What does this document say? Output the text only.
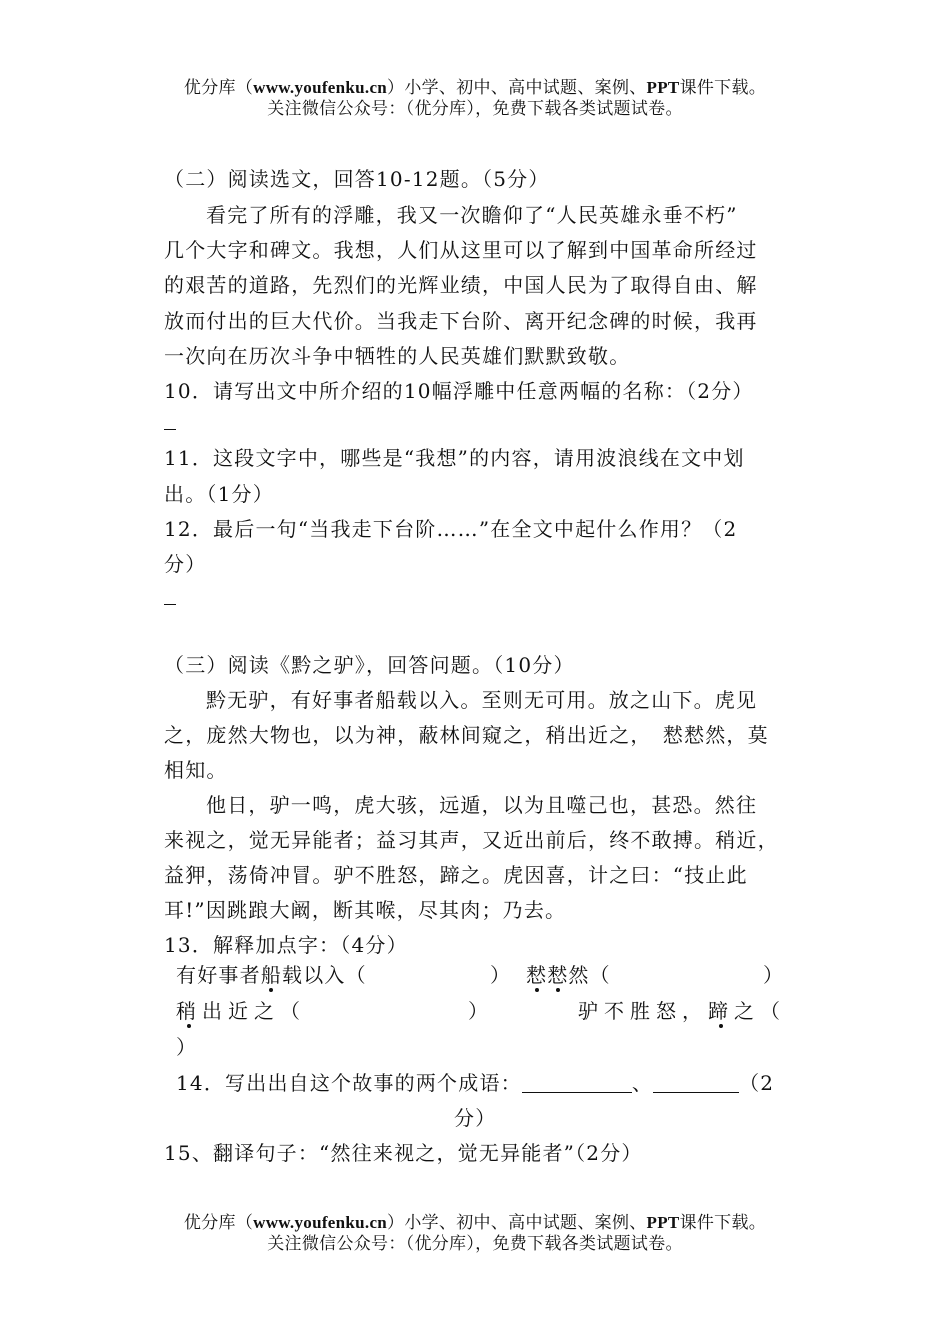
优分库（www.youfenku.cn）小学、初中、高中试题、案例、PPT课件下载。
关注微信公众号：（优分库），免费下载各类试题试卷。
（二）阅读选文，回答10-12题。（5分）
看完了所有的浮雕，我又一次瞻仰了“人民英雄永垂不朽”
几个大字和碑文。我想，人们从这里可以了解到中国革命所经过
的艰苦的道路，先烈们的光辉业绩，中国人民为了取得自由、解
放而付出的巨大代价。当我走下台阶、离开纪念碑的时候，我再
一次向在历次斗争中牺牲的人民英雄们默默致敬。
10．请写出文中所介绍的10幅浮雕中任意两幅的名称：（2分）
11．这段文字中，哪些是“我想”的内容，请用波浪线在文中划
出。（1分）
12．最后一句“当我走下台阶……”在全文中起什么作用？（2
分）
（三）阅读《黔之驴》，回答问题。（10分）
黔无驴，有好事者船载以入。至则无可用。放之山下。虎见
之，庞然大物也，以为神，蔽林间窥之，稍出近之，　慭慭然，莫
相知。
他日，驴一鸣，虎大骇，远遁，以为且噬己也，甚恐。然往
来视之，觉无异能者；益习其声，又近出前后，终不敢搏。稍近，
益狎，荡倚冲冒。驴不胜怒，蹄之。虎因喜，计之曰：“技止此
耳!”因跳踉大阚，断其喉，尽其肉；乃去。
13．解释加点字：（4分）
有好事者船载以入（	） 慭慭然（	）
稍出近之（	）	驴不胜怒，蹄之（
）
14．写出出自这个故事的两个成语：	、	（2
分）
15、翻译句子：“然往来视之，觉无异能者”（2分）
优分库（www.youfenku.cn）小学、初中、高中试题、案例、PPT课件下载。
关注微信公众号：（优分库），免费下载各类试题试卷。
